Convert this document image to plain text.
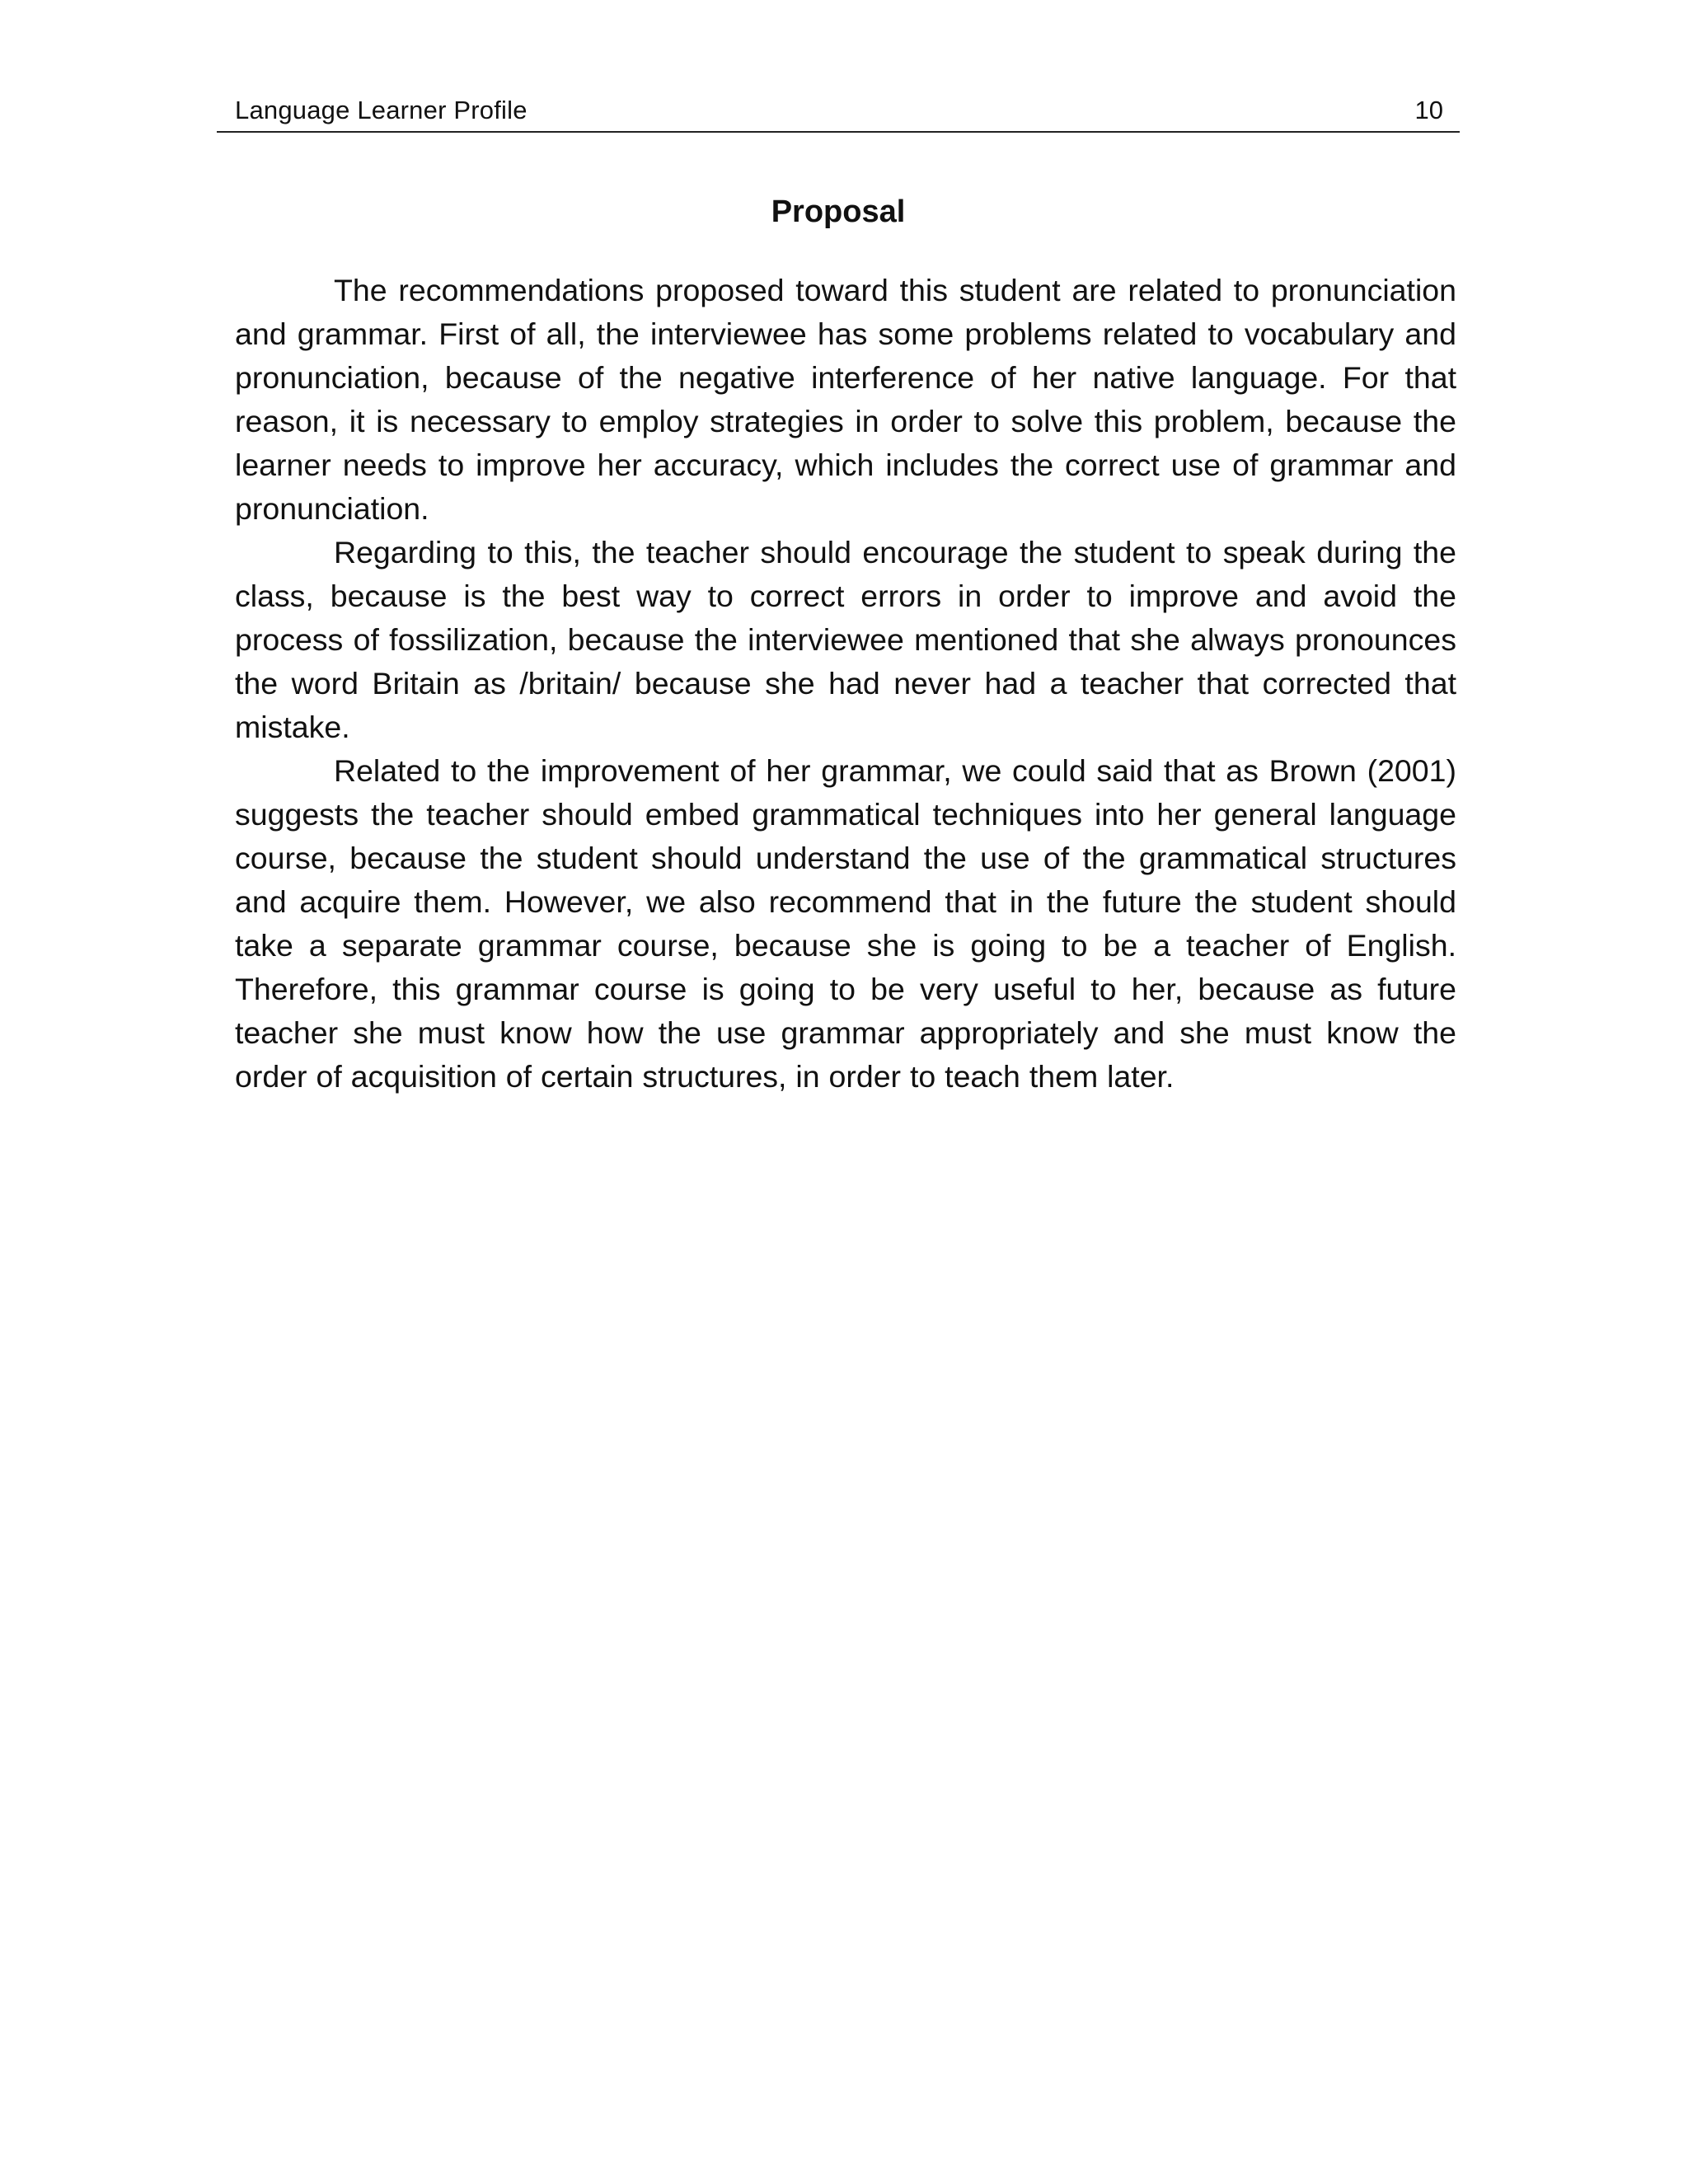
Language Learner Profile	10
Proposal

The recommendations proposed toward this student are related to pronunciation and grammar. First of all, the interviewee has some problems related to vocabulary and pronunciation, because of the negative interference of her native language. For that reason, it is necessary to employ strategies in order to solve this problem, because the learner needs to improve her accuracy, which includes the correct use of grammar and pronunciation.

Regarding to this, the teacher should encourage the student to speak during the class, because is the best way to correct errors in order to improve and avoid the process of fossilization, because the interviewee mentioned that she always pronounces the word Britain as /britain/ because she had never had a teacher that corrected that mistake.

Related to the improvement of her grammar, we could said that as Brown (2001) suggests the teacher should embed grammatical techniques into her general language course, because the student should understand the use of the grammatical structures and acquire them. However, we also recommend that in the future the student should take a separate grammar course, because she is going to be a teacher of English. Therefore, this grammar course is going to be very useful to her, because as future teacher she must know how the use grammar appropriately and she must know the order of acquisition of certain structures, in order to teach them later.
